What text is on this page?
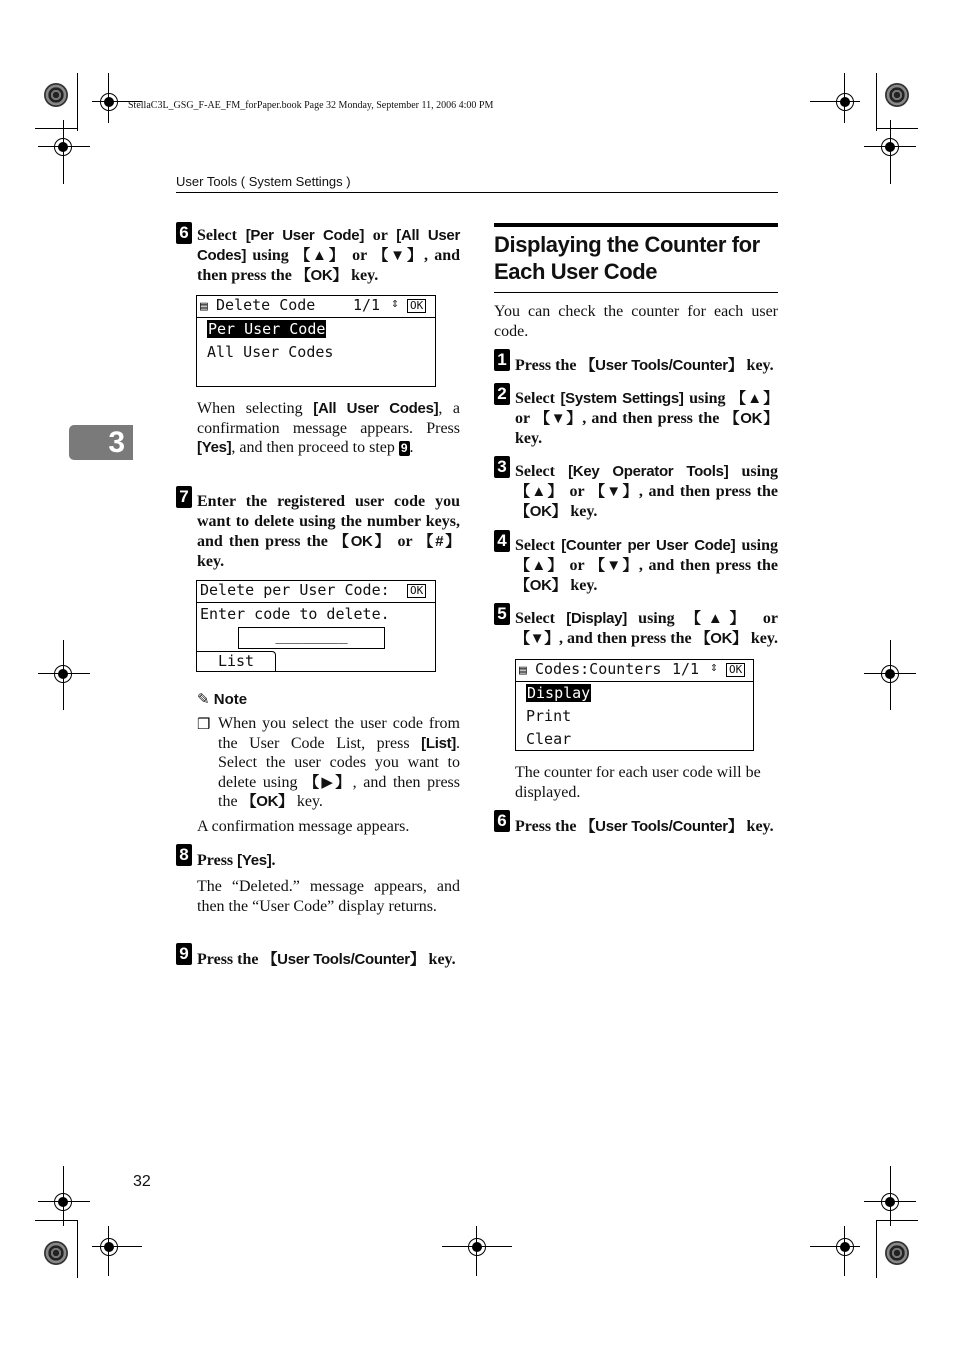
StellaC3L_GSG_F-AE_FM_forPaper.book Page 32 Monday, September 11, 2006 4:00 PM
User Tools ( System Settings )
3
32
6 Select [Per User Code] or [All User Codes] using 【▲】 or 【▼】, and then press the 【OK】 key.
▤ Delete Code	1/1 ⇕ OK
Per User Code
All User Codes
When selecting [All User Codes], a confirmation message appears. Press [Yes], and then proceed to step 9 .
7 Enter the registered user code you want to delete using the number keys, and then press the 【OK】 or 【#】 key.
Delete per User Code: OK
Enter code to delete.
________
List
✎ Note
❒ When you select the user code from the User Code List, press [List]. Select the user codes you want to delete using 【▶】, and then press the 【OK】 key.
A confirmation message appears.
8 Press [Yes].
The “Deleted.” message appears, and then the “User Code” display returns.
9 Press the 【User Tools/Counter】 key.
Displaying the Counter for Each User Code
You can check the counter for each user code.
1 Press the 【User Tools/Counter】 key.
2 Select [System Settings] using 【▲】 or 【▼】, and then press the 【OK】 key.
3 Select [Key Operator Tools] using 【▲】 or 【▼】, and then press the 【OK】 key.
4 Select [Counter per User Code] using 【▲】 or 【▼】, and then press the 【OK】 key.
5 Select [Display] using 【▲】 or 【▼】, and then press the 【OK】 key.
▤ Codes:Counters 1/1 ⇕ OK
Display
Print
Clear
The counter for each user code will be displayed.
6 Press the 【User Tools/Counter】 key.
